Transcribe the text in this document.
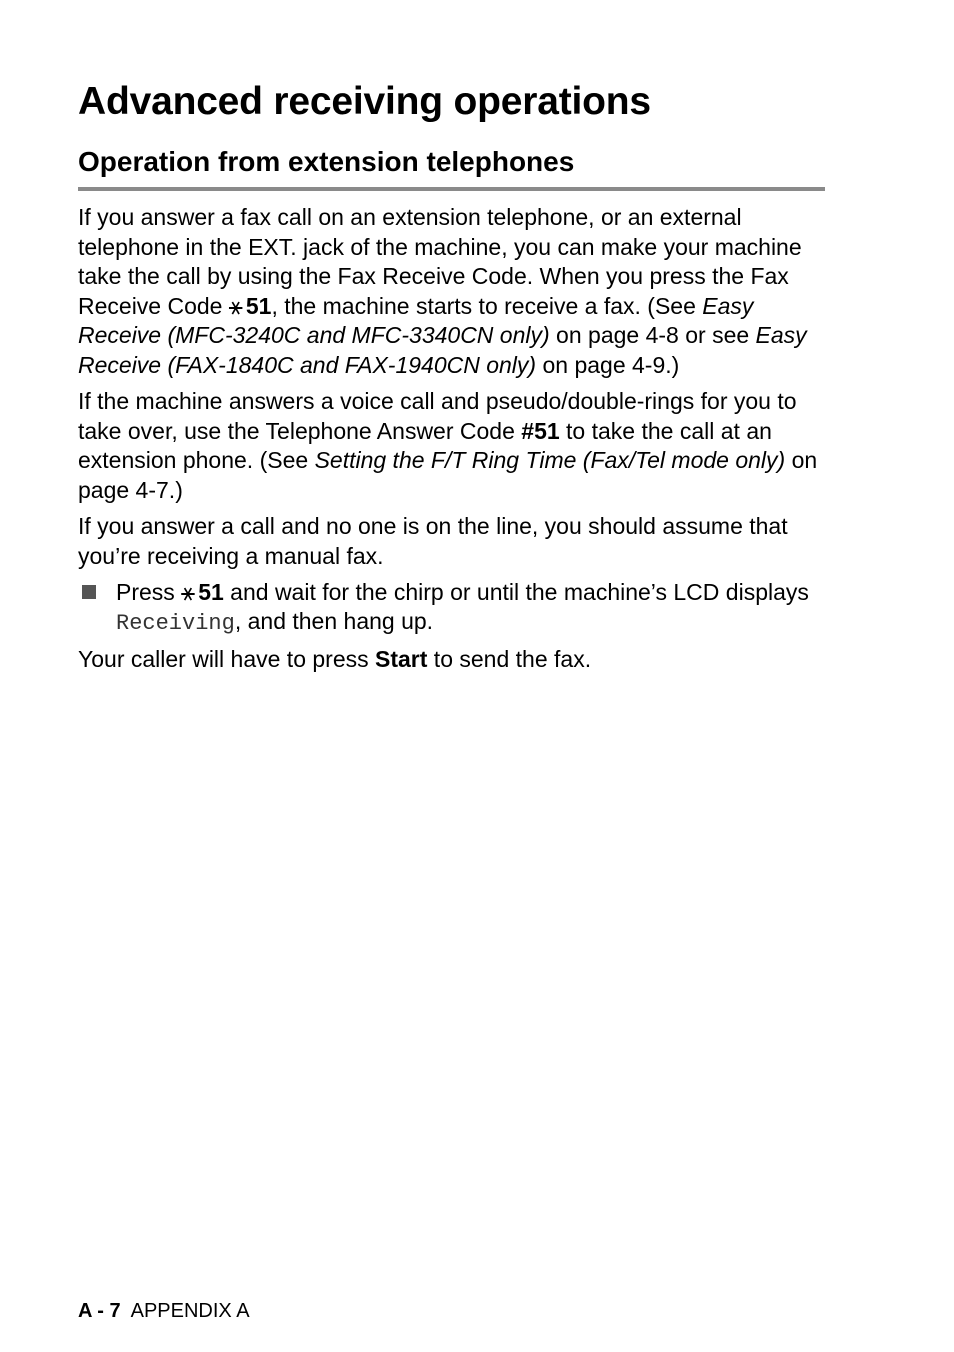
Advanced receiving operations
Operation from extension telephones

If you answer a fax call on an extension telephone, or an external telephone in the EXT. jack of the machine, you can make your machine take the call by using the Fax Receive Code. When you press the Fax Receive Code ⚹ 51, the machine starts to receive a fax. (See Easy Receive (MFC-3240C and MFC-3340CN only) on page 4-8 or see Easy Receive (FAX-1840C and FAX-1940CN only) on page 4-9.)

If the machine answers a voice call and pseudo/double-rings for you to take over, use the Telephone Answer Code #51 to take the call at an extension phone. (See Setting the F/T Ring Time (Fax/Tel mode only) on page 4-7.)

If you answer a call and no one is on the line, you should assume that you’re receiving a manual fax.

Press ⚹ 51 and wait for the chirp or until the machine’s LCD displays Receiving, and then hang up.

Your caller will have to press Start to send the fax.

A - 7 APPENDIX A
